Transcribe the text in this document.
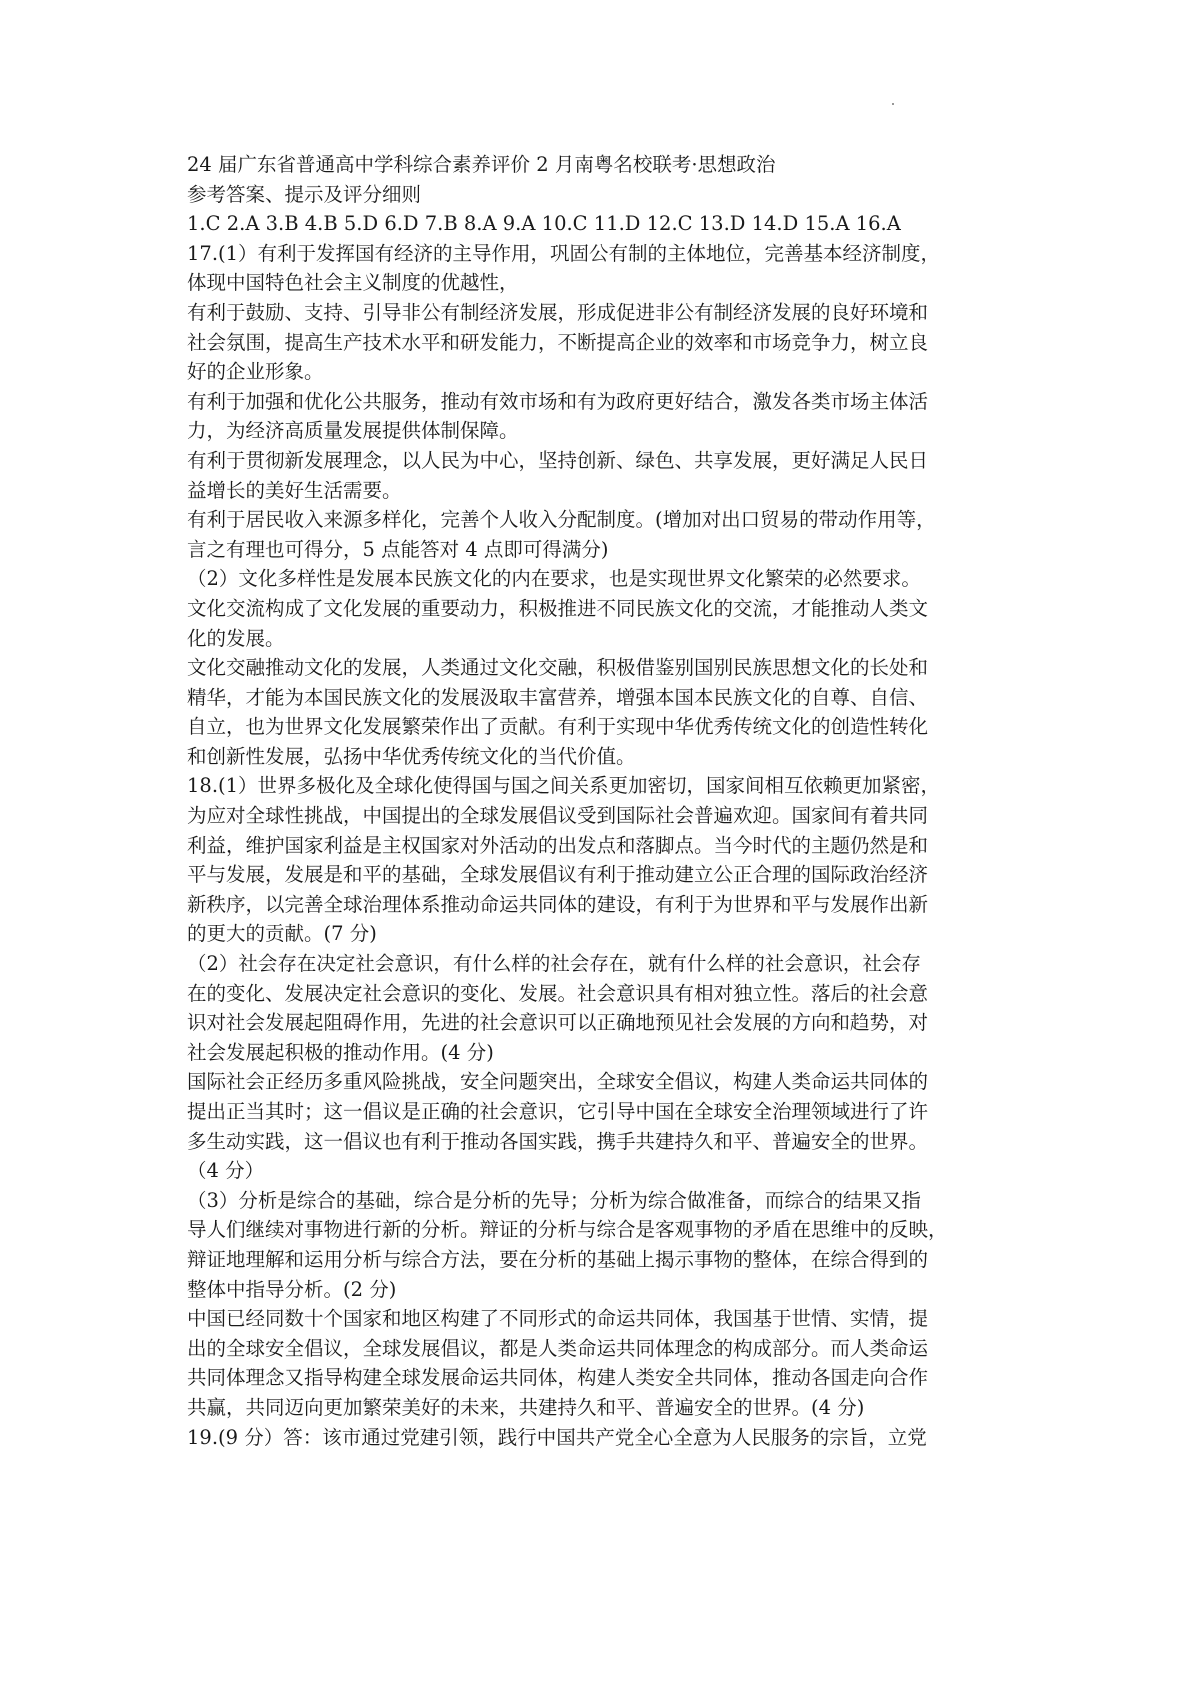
24 届广东省普通高中学科综合素养评价 2 月南粤名校联考·思想政治
参考答案、提示及评分细则
1.C 2.A 3.B 4.B 5.D 6.D 7.B 8.A 9.A 10.C 11.D 12.C 13.D 14.D 15.A 16.A
17.(1）有利于发挥国有经济的主导作用，巩固公有制的主体地位，完善基本经济制度，
体现中国特色社会主义制度的优越性，
有利于鼓励、支持、引导非公有制经济发展，形成促进非公有制经济发展的良好环境和
社会氛围，提高生产技术水平和研发能力，不断提高企业的效率和市场竞争力，树立良
好的企业形象。
有利于加强和优化公共服务，推动有效市场和有为政府更好结合，激发各类市场主体活
力，为经济高质量发展提供体制保障。
有利于贯彻新发展理念，以人民为中心，坚持创新、绿色、共享发展，更好满足人民日
益增长的美好生活需要。
有利于居民收入来源多样化，完善个人收入分配制度。(增加对出口贸易的带动作用等，
言之有理也可得分，5 点能答对 4 点即可得满分)
（2）文化多样性是发展本民族文化的内在要求，也是实现世界文化繁荣的必然要求。
文化交流构成了文化发展的重要动力，积极推进不同民族文化的交流，才能推动人类文
化的发展。
文化交融推动文化的发展，人类通过文化交融，积极借鉴别国别民族思想文化的长处和
精华，才能为本国民族文化的发展汲取丰富营养，增强本国本民族文化的自尊、自信、
自立，也为世界文化发展繁荣作出了贡献。有利于实现中华优秀传统文化的创造性转化
和创新性发展，弘扬中华优秀传统文化的当代价值。
18.(1）世界多极化及全球化使得国与国之间关系更加密切，国家间相互依赖更加紧密，
为应对全球性挑战，中国提出的全球发展倡议受到国际社会普遍欢迎。国家间有着共同
利益，维护国家利益是主权国家对外活动的出发点和落脚点。当今时代的主题仍然是和
平与发展，发展是和平的基础，全球发展倡议有利于推动建立公正合理的国际政治经济
新秩序，以完善全球治理体系推动命运共同体的建设，有利于为世界和平与发展作出新
的更大的贡献。(7 分)
（2）社会存在决定社会意识，有什么样的社会存在，就有什么样的社会意识，社会存
在的变化、发展决定社会意识的变化、发展。社会意识具有相对独立性。落后的社会意
识对社会发展起阻碍作用，先进的社会意识可以正确地预见社会发展的方向和趋势，对
社会发展起积极的推动作用。(4 分)
国际社会正经历多重风险挑战，安全问题突出，全球安全倡议，构建人类命运共同体的
提出正当其时；这一倡议是正确的社会意识，它引导中国在全球安全治理领域进行了许
多生动实践，这一倡议也有利于推动各国实践，携手共建持久和平、普遍安全的世界。
（4 分）
（3）分析是综合的基础，综合是分析的先导；分析为综合做准备，而综合的结果又指
导人们继续对事物进行新的分析。辩证的分析与综合是客观事物的矛盾在思维中的反映，
辩证地理解和运用分析与综合方法，要在分析的基础上揭示事物的整体，在综合得到的
整体中指导分析。(2 分)
中国已经同数十个国家和地区构建了不同形式的命运共同体，我国基于世情、实情，提
出的全球安全倡议，全球发展倡议，都是人类命运共同体理念的构成部分。而人类命运
共同体理念又指导构建全球发展命运共同体，构建人类安全共同体，推动各国走向合作
共赢，共同迈向更加繁荣美好的未来，共建持久和平、普遍安全的世界。(4 分)
19.(9 分）答：该市通过党建引领，践行中国共产党全心全意为人民服务的宗旨，立党
